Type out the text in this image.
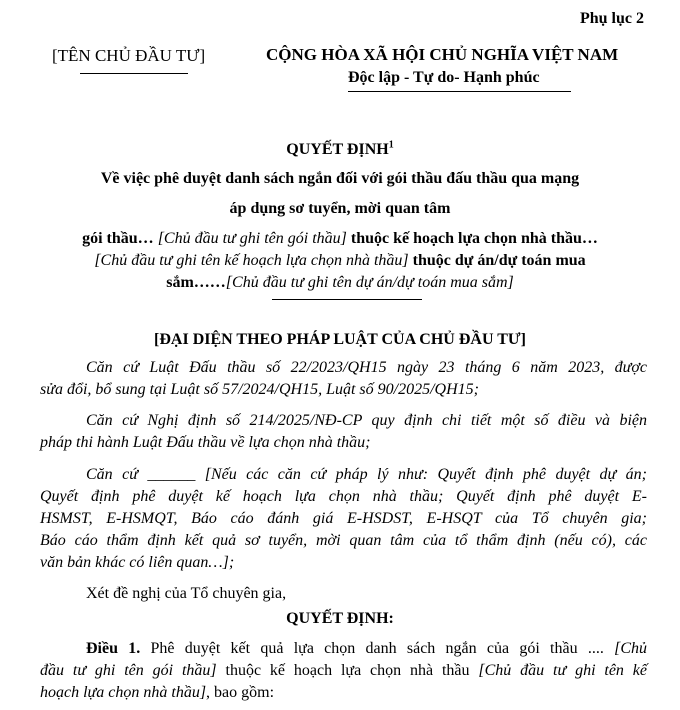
Phụ lục 2
[TÊN CHỦ ĐẦU TƯ]	CỘNG HÒA XÃ HỘI CHỦ NGHĨA VIỆT NAM
Độc lập - Tự do- Hạnh phúc
QUYẾT ĐỊNH$^1$
Về việc phê duyệt danh sách ngắn đối với gói thầu đấu thầu qua mạng
áp dụng sơ tuyển, mời quan tâm
gói thầu… [Chủ đầu tư ghi tên gói thầu] thuộc kế hoạch lựa chọn nhà thầu…
[Chủ đầu tư ghi tên kế hoạch lựa chọn nhà thầu] thuộc dự án/dự toán mua
sắm……[Chủ đầu tư ghi tên dự án/dự toán mua sắm]
[ĐẠI DIỆN THEO PHÁP LUẬT CỦA CHỦ ĐẦU TƯ]
Căn cứ Luật Đấu thầu số 22/2023/QH15 ngày 23 tháng 6 năm 2023, được
sửa đổi, bổ sung tại Luật số 57/2024/QH15, Luật số 90/2025/QH15;
Căn cứ Nghị định số 214/2025/NĐ-CP quy định chi tiết một số điều và biện
pháp thi hành Luật Đấu thầu về lựa chọn nhà thầu;
Căn cứ ______ [Nếu các căn cứ pháp lý như: Quyết định phê duyệt dự án;
Quyết định phê duyệt kế hoạch lựa chọn nhà thầu; Quyết định phê duyệt E-
HSMST, E-HSMQT, Báo cáo đánh giá E-HSDST, E-HSQT của Tổ chuyên gia;
Báo cáo thẩm định kết quả sơ tuyển, mời quan tâm của tổ thẩm định (nếu có), các
văn bản khác có liên quan…];
Xét đề nghị của Tổ chuyên gia,
QUYẾT ĐỊNH:
Điều 1. Phê duyệt kết quả lựa chọn danh sách ngắn của gói thầu .... [Chủ
đầu tư ghi tên gói thầu] thuộc kế hoạch lựa chọn nhà thầu [Chủ đầu tư ghi tên kế
hoạch lựa chọn nhà thầu], bao gồm:
